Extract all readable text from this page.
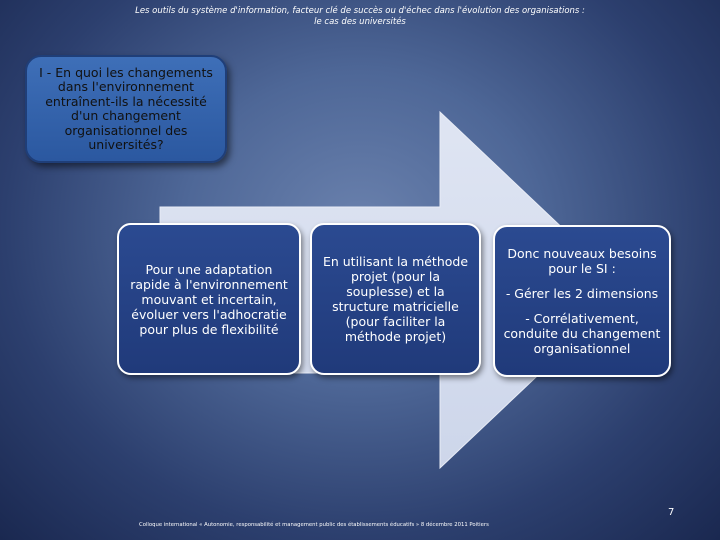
Les outils du système d'information, facteur clé de succès ou d'échec dans l'évolution des organisations :
le cas des universités
I - En quoi les changements dans l'environnement entraînent-ils la nécessité d'un changement organisationnel des universités?
Pour une adaptation rapide à l'environnement mouvant et incertain, évoluer vers l'adhocratie pour plus de flexibilité
En utilisant la méthode projet (pour la souplesse) et la structure matricielle (pour faciliter la méthode projet)
Donc nouveaux besoins pour le SI :
- Gérer les 2 dimensions
- Corrélativement, conduite du changement organisationnel
7
Colloque international « Autonomie, responsabilité et management public des établissements éducatifs » 8 décembre 2011 Poitiers
